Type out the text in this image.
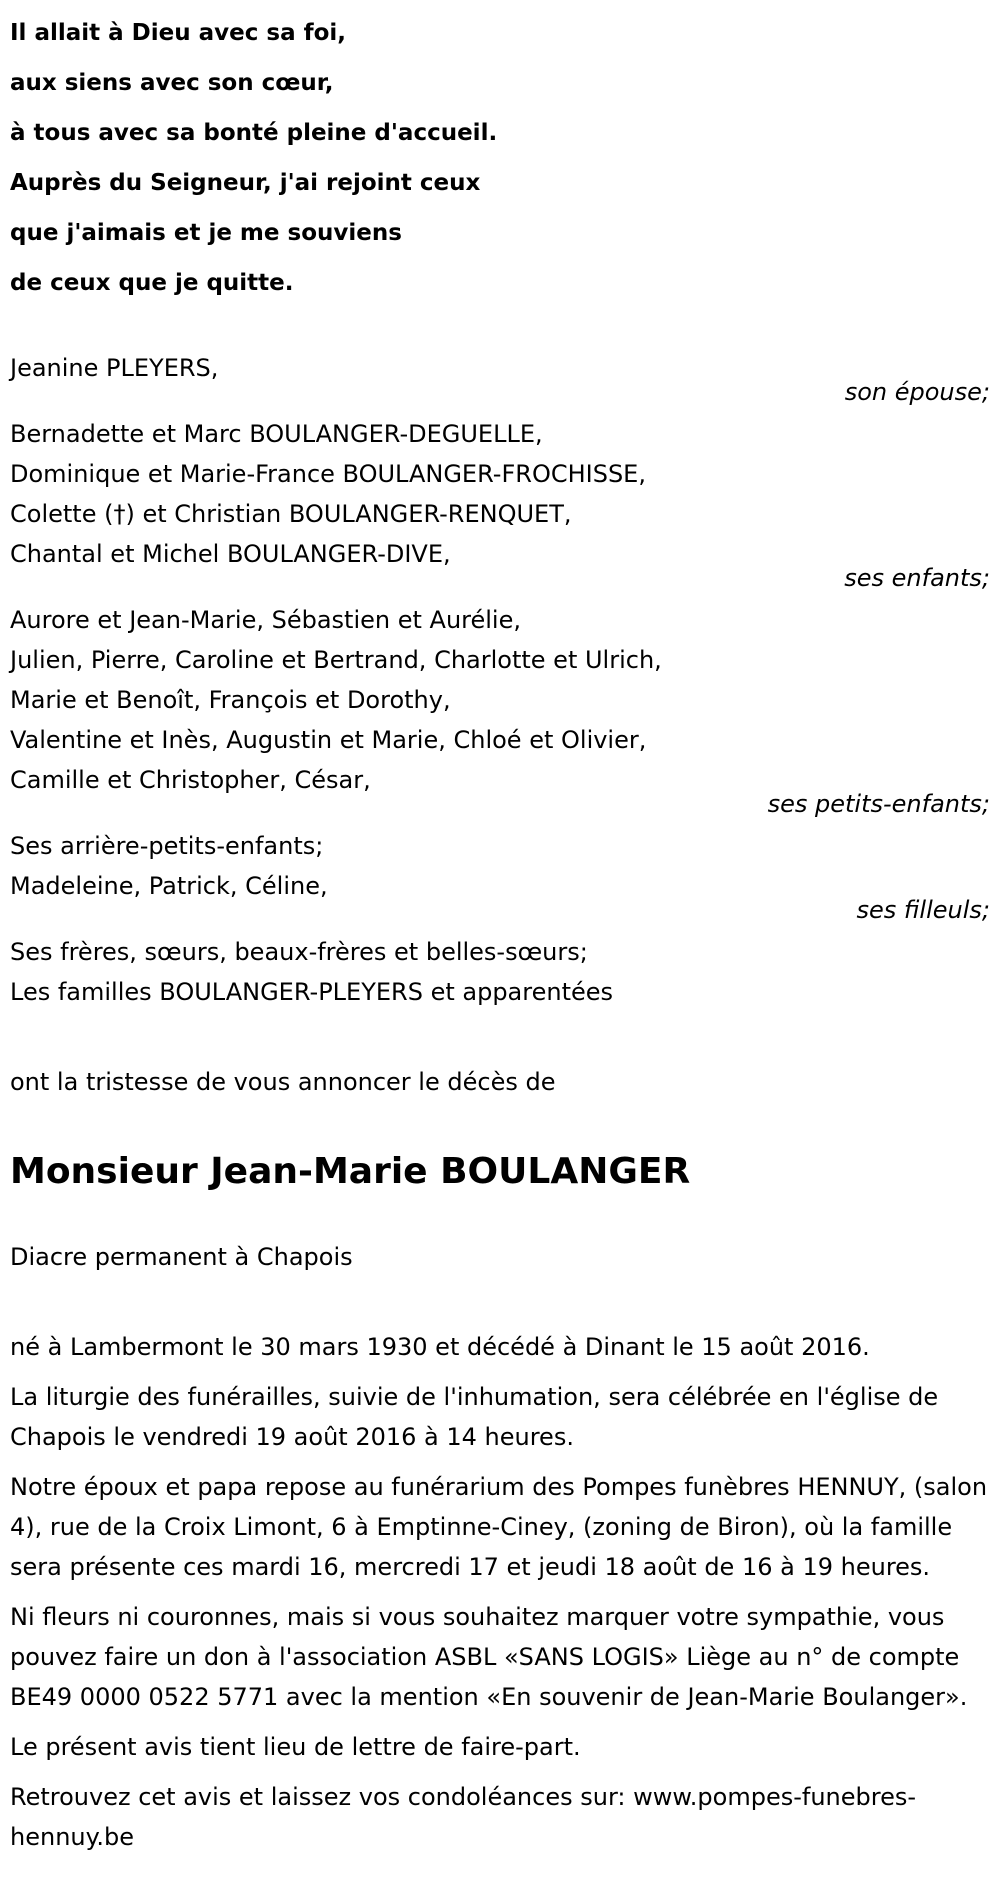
Il allait à Dieu avec sa foi,
aux siens avec son cœur,
à tous avec sa bonté pleine d'accueil.
Auprès du Seigneur, j'ai rejoint ceux
que j'aimais et je me souviens
de ceux que je quitte.
Jeanine PLEYERS,
son épouse;
Bernadette et Marc BOULANGER-DEGUELLE,
Dominique et Marie-France BOULANGER-FROCHISSE,
Colette (†) et Christian BOULANGER-RENQUET,
Chantal et Michel BOULANGER-DIVE,
ses enfants;
Aurore et Jean-Marie, Sébastien et Aurélie,
Julien, Pierre, Caroline et Bertrand, Charlotte et Ulrich,
Marie et Benoît, François et Dorothy,
Valentine et Inès, Augustin et Marie, Chloé et Olivier,
Camille et Christopher, César,
ses petits-enfants;
Ses arrière-petits-enfants;
Madeleine, Patrick, Céline,
ses filleuls;
Ses frères, sœurs, beaux-frères et belles-sœurs;
Les familles BOULANGER-PLEYERS et apparentées
ont la tristesse de vous annoncer le décès de
Monsieur Jean-Marie BOULANGER
Diacre permanent à Chapois

né à Lambermont le 30 mars 1930 et décédé à Dinant le 15 août 2016.

La liturgie des funérailles, suivie de l'inhumation, sera célébrée en l'église de Chapois le vendredi 19 août 2016 à 14 heures.

Notre époux et papa repose au funérarium des Pompes funèbres HENNUY, (salon 4), rue de la Croix Limont, 6 à Emptinne-Ciney, (zoning de Biron), où la famille sera présente ces mardi 16, mercredi 17 et jeudi 18 août de 16 à 19 heures.

Ni fleurs ni couronnes, mais si vous souhaitez marquer votre sympathie, vous pouvez faire un don à l'association ASBL «SANS LOGIS» Liège au n° de compte BE49 0000 0522 5771 avec la mention «En souvenir de Jean-Marie Boulanger».

Le présent avis tient lieu de lettre de faire-part.

Retrouvez cet avis et laissez vos condoléances sur: www.pompes-funebres-hennuy.be
